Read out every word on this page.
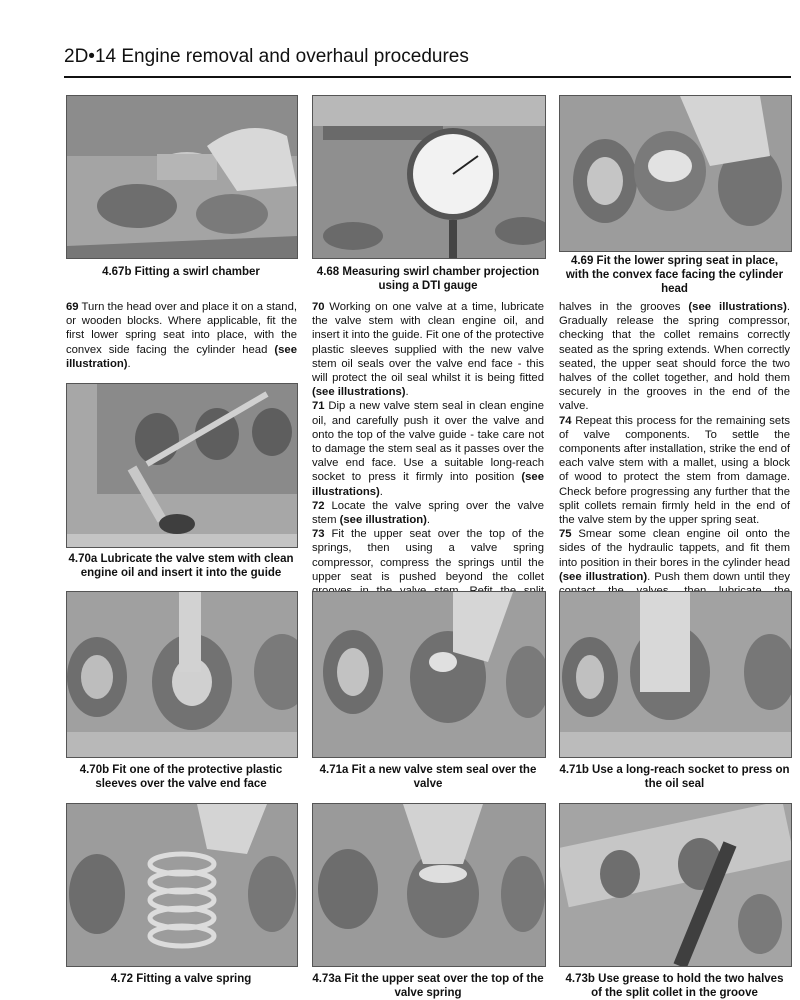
2D•14 Engine removal and overhaul procedures
4.67b Fitting a swirl chamber	4.68 Measuring swirl chamber projection using a DTI gauge
4.69 Fit the lower spring seat in place, with the convex face facing the cylinder head

69 Turn the head over and place it on a stand, or wooden blocks. Where applicable, fit the first lower spring seat into place, with the convex side facing the cylinder head (see illustration).

4.70a Lubricate the valve stem with clean engine oil and insert it into the guide

70 Working on one valve at a time, lubricate the valve stem with clean engine oil, and insert it into the guide. Fit one of the protective plastic sleeves supplied with the new valve stem oil seals over the valve end face - this will protect the oil seal whilst it is being fitted (see illustrations).

71 Dip a new valve stem seal in clean engine oil, and carefully push it over the valve and onto the top of the valve guide - take care not to damage the stem seal as it passes over the valve end face. Use a suitable long-reach socket to press it firmly into position (see illustrations).

72 Locate the valve spring over the valve stem (see illustration).

73 Fit the upper seat over the top of the springs, then using a valve spring compressor, compress the springs until the upper seat is pushed beyond the collet

halves in the grooves (see illustrations). Gradually release the spring compressor, checking that the collet remains correctly seated as the spring extends. When correctly seated, the upper seat should force the two halves of the collet together, and hold them securely in the grooves in the end of the valve.

74 Repeat this process for the remaining sets of valve components. To settle the components after installation, strike the end of each valve stem with a mallet, using a block of wood to protect the stem from damage. Check before progressing any further that the split collets remain firmly held in the end of the valve stem by the upper spring seat.

75 Smear some clean engine oil onto the sides of the hydraulic tappets, and fit them into position in their bores in the cylinder head (see illustration). Push them down until they

4.70b Fit one of the protective plastic sleeves over the valve end face
4.71a Fit a new valve stem seal over the valve
4.71b Use a long-reach socket to press on the oil seal
4.72 Fitting a valve spring	4.73a Fit the upper seat over the top of the valve spring
4.73b Use grease to hold the two halves of the split collet in the groove
